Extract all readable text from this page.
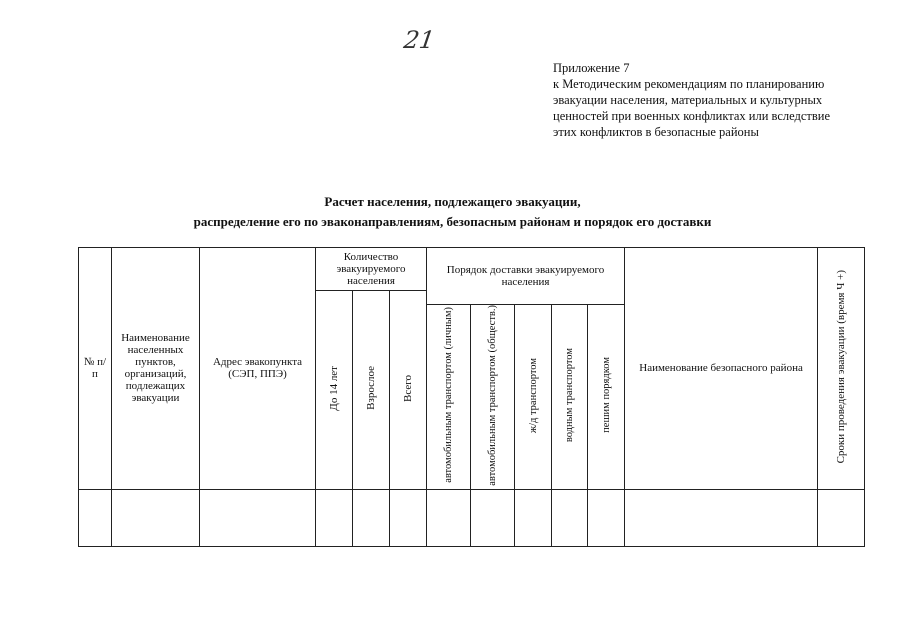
21
Приложение 7
к Методическим рекомендациям по планированию эвакуации населения, материальных и культурных ценностей при военных конфликтах или вследствие этих конфликтов в безопасные районы
Расчет населения, подлежащего эвакуации,
распределение его по эваконаправлениям, безопасным районам и порядок его доставки
№ п/п	Наименование населенных пунктов, организаций, подлежащих эвакуации	Адрес эвакопункта (СЭП, ППЭ)	Количество эвакуируемого населения			Порядок доставки эвакуируемого населения					Наименование безопасного района	Сроки проведения эвакуации (время Ч +)
			До 14 лет	Взрослое	Всего							
						автомобильным транспортом (личным)	автомобильным транспортом (обществ.)	ж/д транспортом	водным транспортом	пешим порядком		
